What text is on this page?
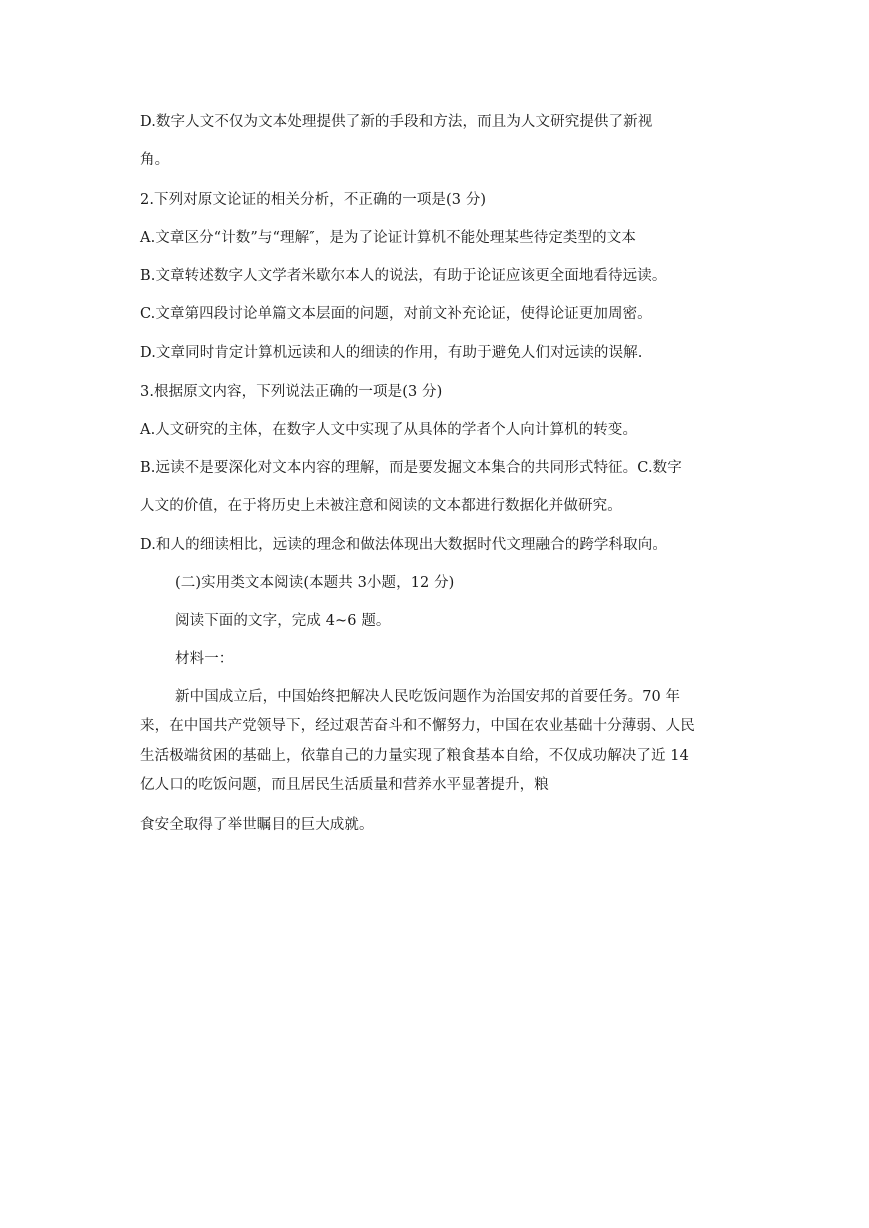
D.数字人文不仅为文本处理提供了新的手段和方法，而且为人文研究提供了新视
角。
2.下列对原文论证的相关分析，不正确的一项是(3 分)
A.文章区分“计数”与“理解″，是为了论证计算机不能处理某些待定类型的文本
B.文章转述数字人文学者米歇尔本人的说法，有助于论证应该更全面地看待远读。
C.文章第四段讨论单篇文本层面的问题，对前文补充论证，使得论证更加周密。
D.文章同时肯定计算机远读和人的细读的作用，有助于避免人们对远读的误解.
3.根据原文内容，下列说法正确的一项是(3 分)
A.人文研究的主体，在数字人文中实现了从具体的学者个人向计算机的转变。
B.远读不是要深化对文本内容的理解，而是要发掘文本集合的共同形式特征。C.数字
人文的价值，在于将历史上未被注意和阅读的文本都进行数据化并做研究。
D.和人的细读相比，远读的理念和做法体现出大数据时代文理融合的跨学科取向。
(二)实用类文本阅读(本题共 3小题，12 分)
阅读下面的文字，完成 4~6 题。
材料一：
新中国成立后，中国始终把解决人民吃饭问题作为治国安邦的首要任务。70 年
来，在中国共产党领导下，经过艰苦奋斗和不懈努力，中国在农业基础十分薄弱、人民
生活极端贫困的基础上，依靠自己的力量实现了粮食基本自给，不仅成功解决了近 14
亿人口的吃饭问题，而且居民生活质量和营养水平显著提升，粮
食安全取得了举世瞩目的巨大成就。
